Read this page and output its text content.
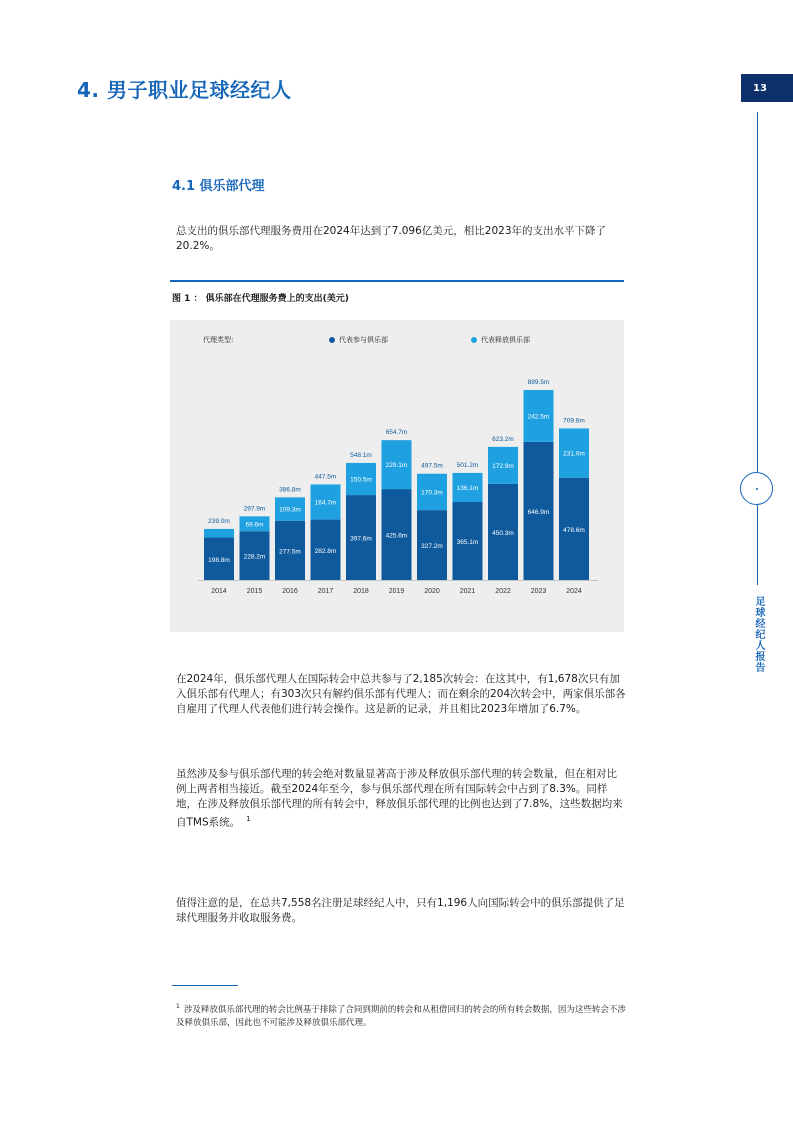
4. 男子职业足球经纪人	13
足球经纪人报告
4.1 俱乐部代理

总支出的俱乐部代理服务费用在2024年达到了7.096亿美元，相比2023年的支出水平下降了20.2%。

图 1 ： 俱乐部在代理服务费上的支出(美元)

198.8m
239.0m
2014
228.2m
69.6m
297.9m
2015
277.5m
109.3m
386.8m
2016
282.8m
164.7m
447.5m
2017
397.6m
150.5m
548.1m
2018
425.6m
229.1m
654.7m
2019
327.2m
170.3m
497.5m
2020
365.1m
136.1m
501.2m
2021
450.3m
172.9m
623.2m
2022
646.9m
242.5m
889.5m
2023
478.6m
231.0m
709.6m
2024
代理类型:	代表参与俱乐部	代表释放俱乐部

在2024年，俱乐部代理人在国际转会中总共参与了2,185次转会：在这其中，有1,678次只有加入俱乐部有代理人；有303次只有解约俱乐部有代理人；而在剩余的204次转会中，两家俱乐部各自雇用了代理人代表他们进行转会操作。这是新的记录，并且相比2023年增加了6.7%。

虽然涉及参与俱乐部代理的转会绝对数量显著高于涉及释放俱乐部代理的转会数量，但在相对比例上两者相当接近。截至2024年至今，参与俱乐部代理在所有国际转会中占到了8.3%。同样地，在涉及释放俱乐部代理的所有转会中，释放俱乐部代理的比例也达到了7.8%，这些数据均来自TMS系统。 $^1$

值得注意的是，在总共7,558名注册足球经纪人中，只有1,196人向国际转会中的俱乐部提供了足球代理服务并收取服务费。

$^1$ 涉及释放俱乐部代理的转会比例基于排除了合同到期前的转会和从租借回归的转会的所有转会数据，因为这些转会不涉及释放俱乐部，因此也不可能涉及释放俱乐部代理。
